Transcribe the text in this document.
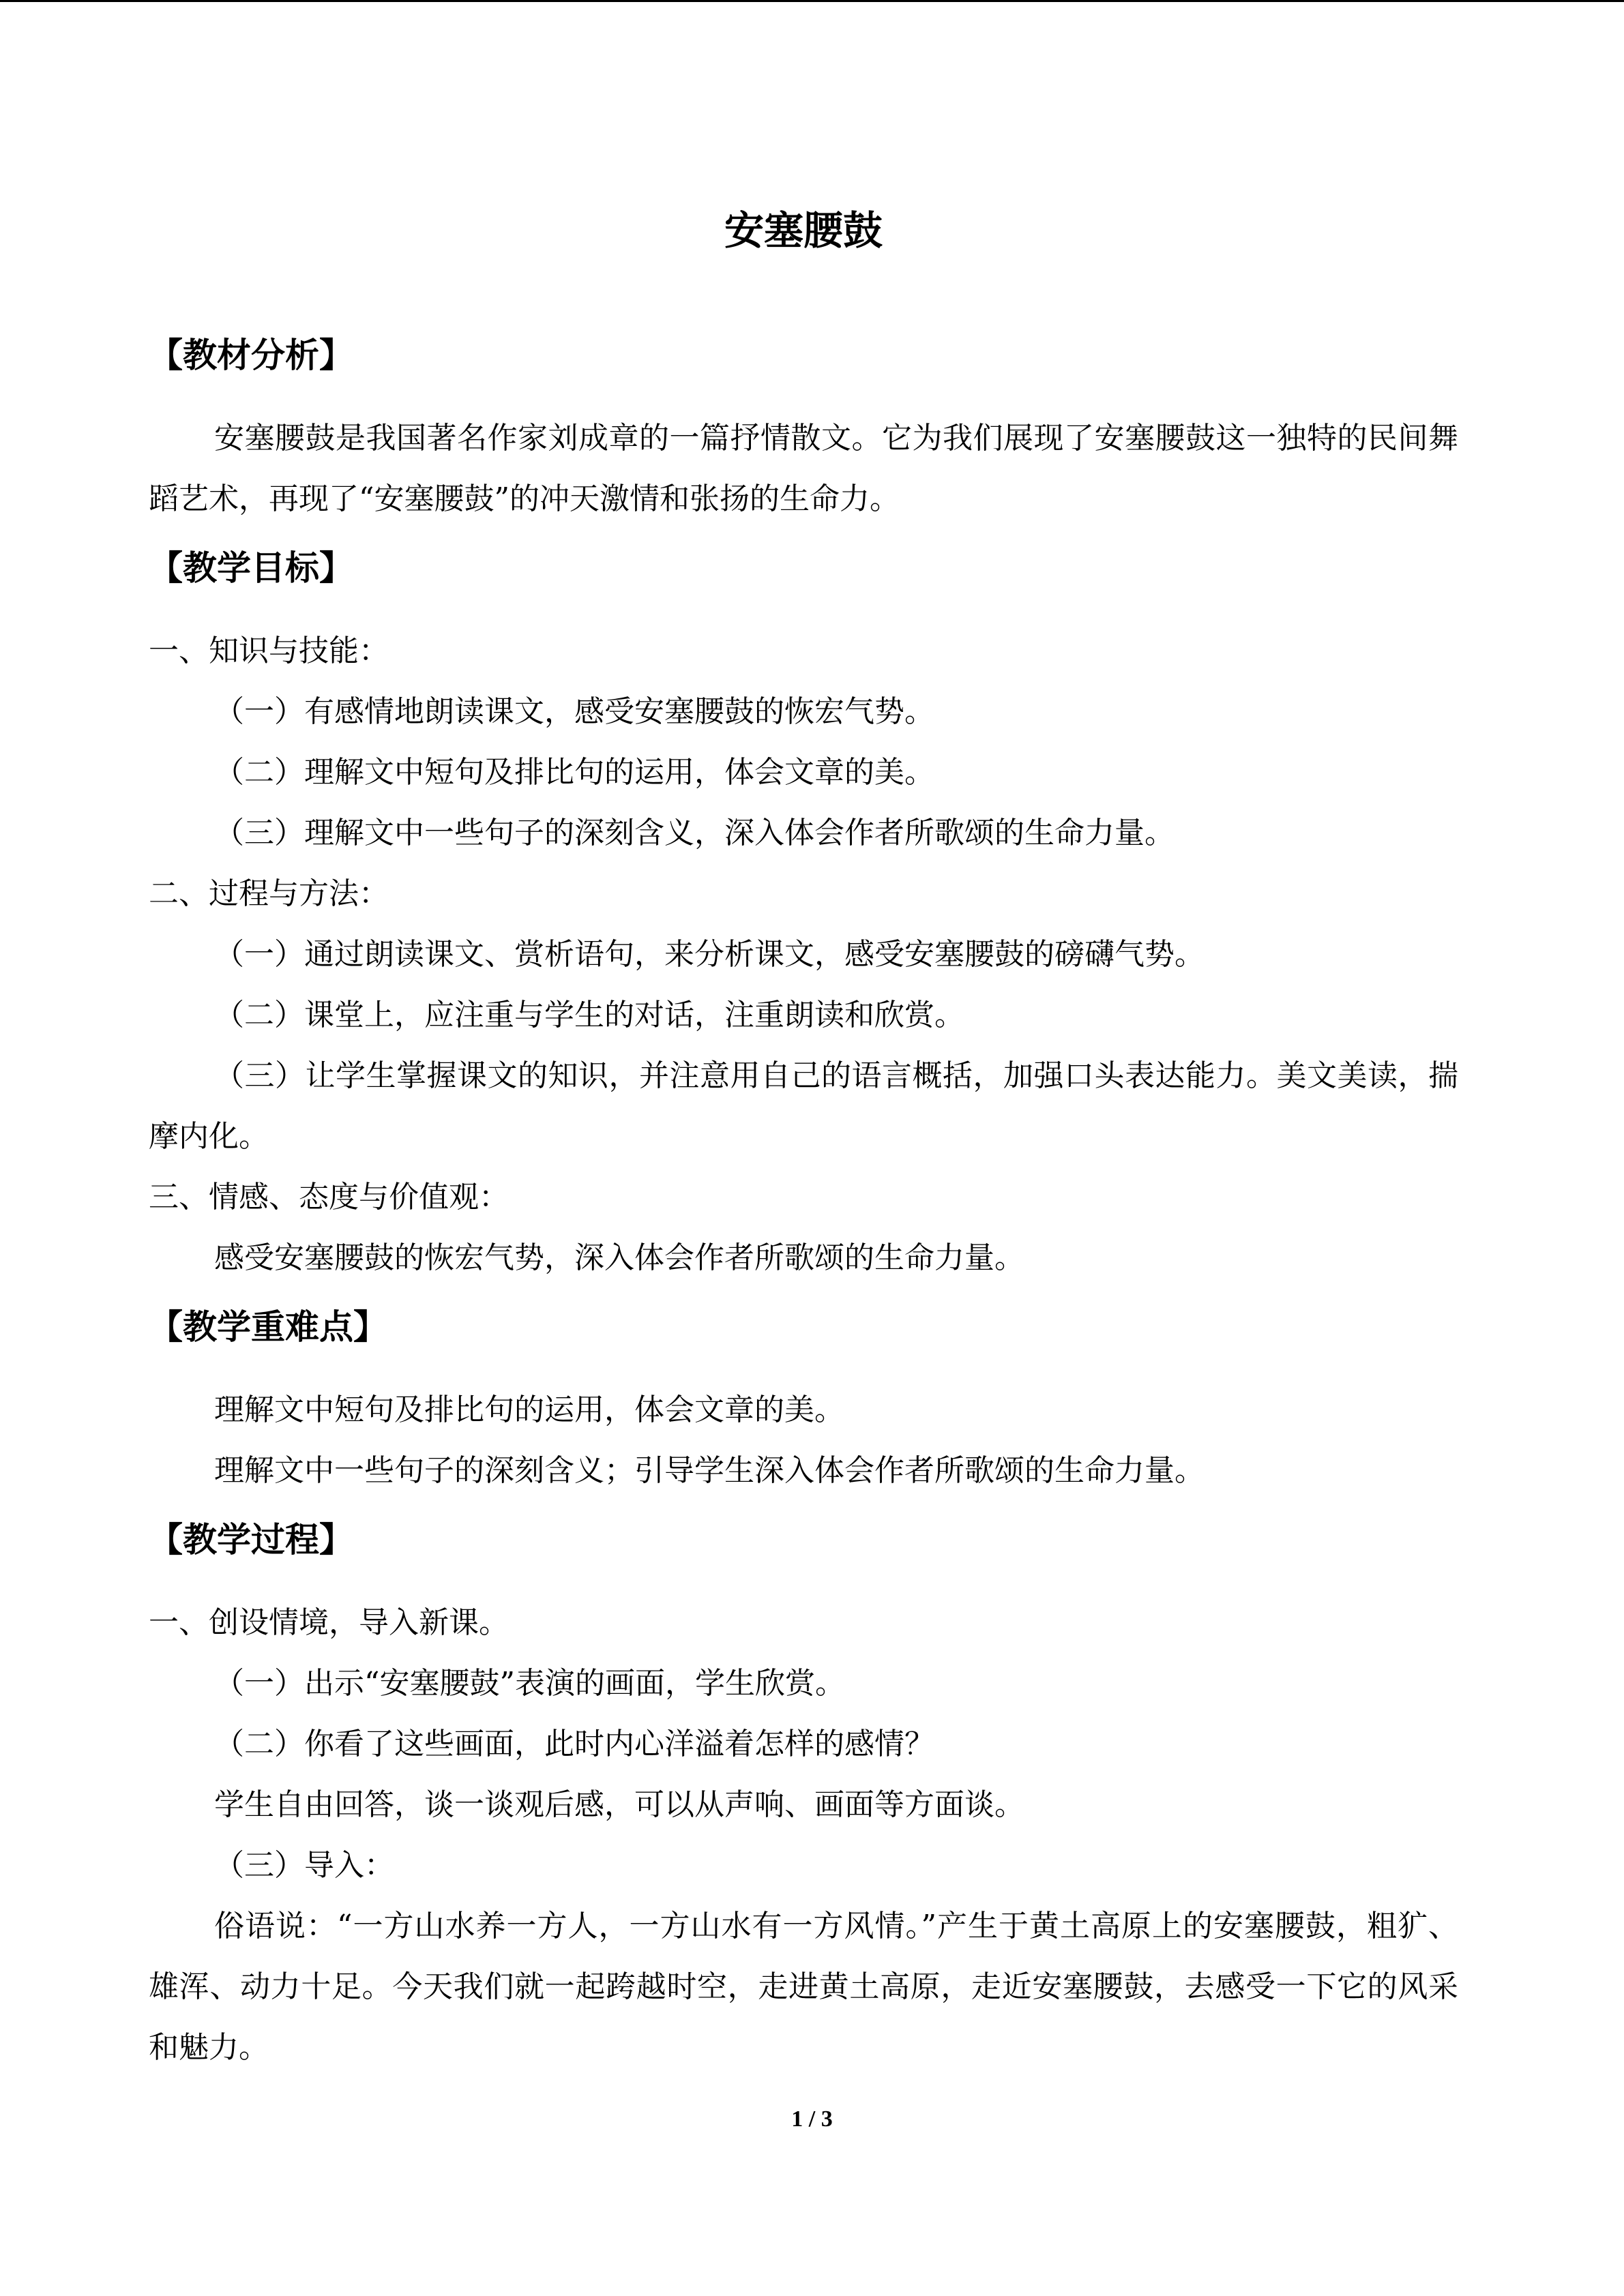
安塞腰鼓
【教材分析】

安塞腰鼓是我国著名作家刘成章的一篇抒情散文。它为我们展现了安塞腰鼓这一独特的民间舞蹈艺术，再现了“安塞腰鼓”的冲天激情和张扬的生命力。

【教学目标】

一、知识与技能：

（一）有感情地朗读课文，感受安塞腰鼓的恢宏气势。

（二）理解文中短句及排比句的运用，体会文章的美。

（三）理解文中一些句子的深刻含义，深入体会作者所歌颂的生命力量。

二、过程与方法：

（一）通过朗读课文、赏析语句，来分析课文，感受安塞腰鼓的磅礴气势。

（二）课堂上，应注重与学生的对话，注重朗读和欣赏。

（三）让学生掌握课文的知识，并注意用自己的语言概括，加强口头表达能力。美文美读，揣摩内化。

三、情感、态度与价值观：

感受安塞腰鼓的恢宏气势，深入体会作者所歌颂的生命力量。

【教学重难点】

理解文中短句及排比句的运用，体会文章的美。

理解文中一些句子的深刻含义；引导学生深入体会作者所歌颂的生命力量。

【教学过程】

一、创设情境，导入新课。

（一）出示“安塞腰鼓”表演的画面，学生欣赏。

（二）你看了这些画面，此时内心洋溢着怎样的感情？

学生自由回答，谈一谈观后感，可以从声响、画面等方面谈。

（三）导入：

俗语说：“一方山水养一方人，一方山水有一方风情。”产生于黄土高原上的安塞腰鼓，粗犷、雄浑、动力十足。今天我们就一起跨越时空，走进黄土高原，走近安塞腰鼓，去感受一下它的风采和魅力。

1 / 3
